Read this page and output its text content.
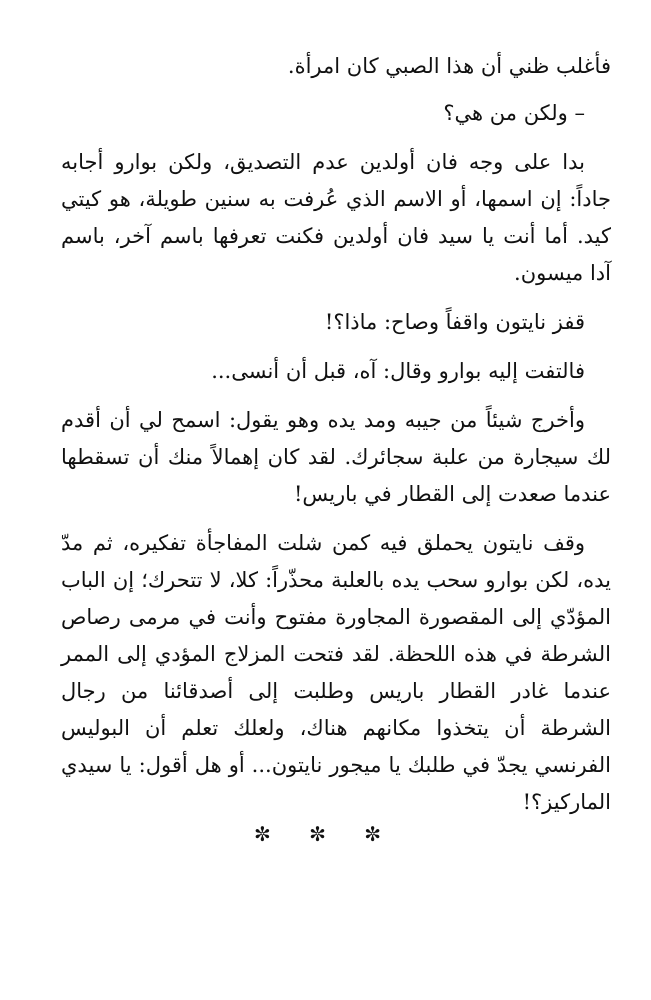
فأغلب ظني أن هذا الصبي كان امرأة.

– ولكن من هي؟

بدا على وجه فان أولدين عدم التصديق، ولكن بوارو أجابه جاداً: إن اسمها، أو الاسم الذي عُرفت به سنين طويلة، هو كيتي كيد. أما أنت يا سيد فان أولدين فكنت تعرفها باسم آخر، باسم آدا ميسون.

قفز نايتون واقفاً وصاح: ماذا؟!

فالتفت إليه بوارو وقال: آه، قبل أن أنسى...

وأخرج شيئاً من جيبه ومد يده وهو يقول: اسمح لي أن أقدم لك سيجارة من علبة سجائرك. لقد كان إهمالاً منك أن تسقطها عندما صعدت إلى القطار في باريس!

وقف نايتون يحملق فيه كمن شلت المفاجأة تفكيره، ثم مدّ يده، لكن بوارو سحب يده بالعلبة محذّراً: كلا، لا تتحرك؛ إن الباب المؤدّي إلى المقصورة المجاورة مفتوح وأنت في مرمى رصاص الشرطة في هذه اللحظة. لقد فتحت المزلاج المؤدي إلى الممر عندما غادر القطار باريس وطلبت إلى أصدقائنا من رجال الشرطة أن يتخذوا مكانهم هناك، ولعلك تعلم أن البوليس الفرنسي يجدّ في طلبك يا ميجور نايتون... أو هل أقول: يا سيدي الماركيز؟!

✼ ✼ ✼
